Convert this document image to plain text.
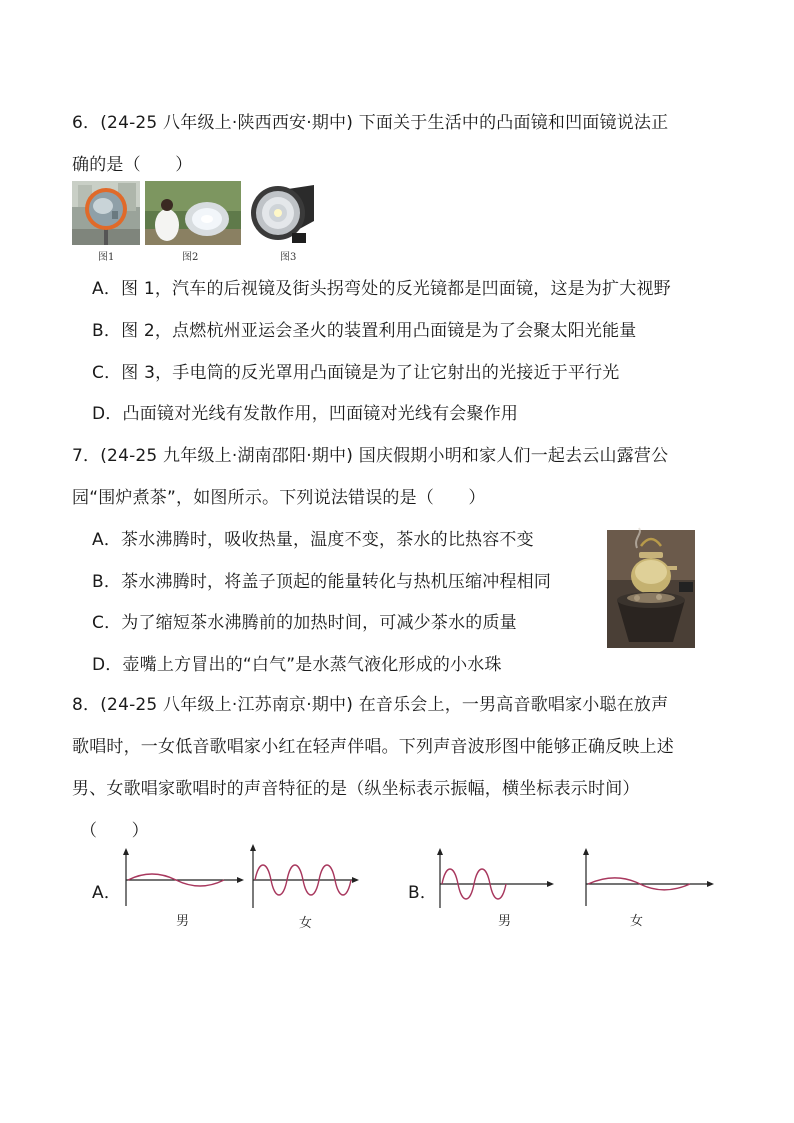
6．(24-25 八年级上·陕西西安·期中) 下面关于生活中的凸面镜和凹面镜说法正
确的是（　　）
图1	图2	图3
A．图 1，汽车的后视镜及街头拐弯处的反光镜都是凹面镜，这是为扩大视野
B．图 2，点燃杭州亚运会圣火的装置利用凸面镜是为了会聚太阳光能量
C．图 3，手电筒的反光罩用凸面镜是为了让它射出的光接近于平行光
D．凸面镜对光线有发散作用，凹面镜对光线有会聚作用
7．(24-25 九年级上·湖南邵阳·期中) 国庆假期小明和家人们一起去云山露营公
园“围炉煮茶”，如图所示。下列说法错误的是（　　）
A．茶水沸腾时，吸收热量，温度不变，茶水的比热容不变
B．茶水沸腾时，将盖子顶起的能量转化与热机压缩冲程相同
C．为了缩短茶水沸腾前的加热时间，可减少茶水的质量
D．壶嘴上方冒出的“白气”是水蒸气液化形成的小水珠
8．(24-25 八年级上·江苏南京·期中) 在音乐会上，一男高音歌唱家小聪在放声
歌唱时，一女低音歌唱家小红在轻声伴唱。下列声音波形图中能够正确反映上述
男、女歌唱家歌唱时的声音特征的是（纵坐标表示振幅，横坐标表示时间）
（　　）
A．
男	女
B．
男	女
